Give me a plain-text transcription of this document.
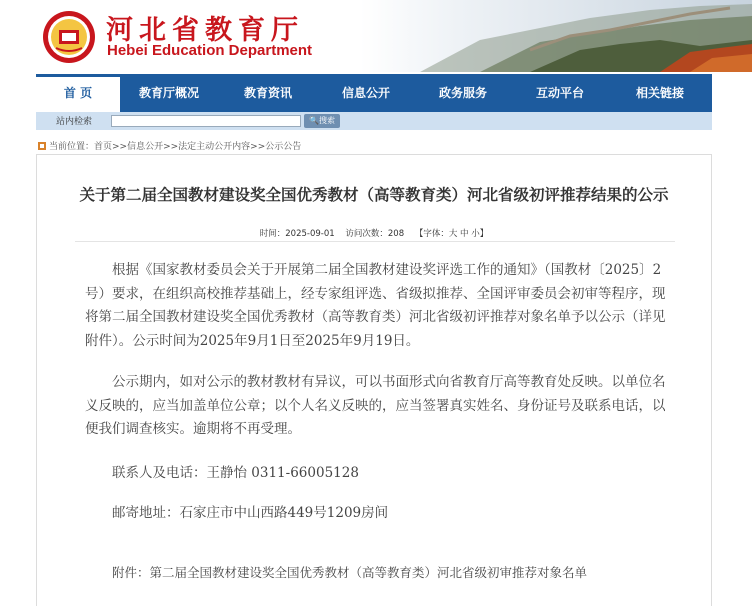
河北省教育厅
Hebei Education Department
首 页	教育厅概况	教育资讯	信息公开	政务服务	互动平台	相关链接
站内检索	🔍搜索
当前位置：首页>>信息公开>>法定主动公开内容>>公示公告
关于第二届全国教材建设奖全国优秀教材（高等教育类）河北省级初评推荐结果的公示
时间：2025-09-01 访问次数：208 【字体：大 中 小】

根据《国家教材委员会关于开展第二届全国教材建设奖评选工作的通知》（国教材〔2025〕2号）要求，在组织高校推荐基础上，经专家组评选、省级拟推荐、全国评审委员会初审等程序，现将第二届全国教材建设奖全国优秀教材（高等教育类）河北省级初评推荐对象名单予以公示（详见附件）。公示时间为2025年9月1日至2025年9月19日。

公示期内，如对公示的教材教材有异议，可以书面形式向省教育厅高等教育处反映。以单位名义反映的，应当加盖单位公章；以个人名义反映的，应当签署真实姓名、身份证号及联系电话，以便我们调查核实。逾期将不再受理。

联系人及电话：王静怡 0311-66005128
邮寄地址：石家庄市中山西路449号1209房间
附件：第二届全国教材建设奖全国优秀教材（高等教育类）河北省级初审推荐对象名单
